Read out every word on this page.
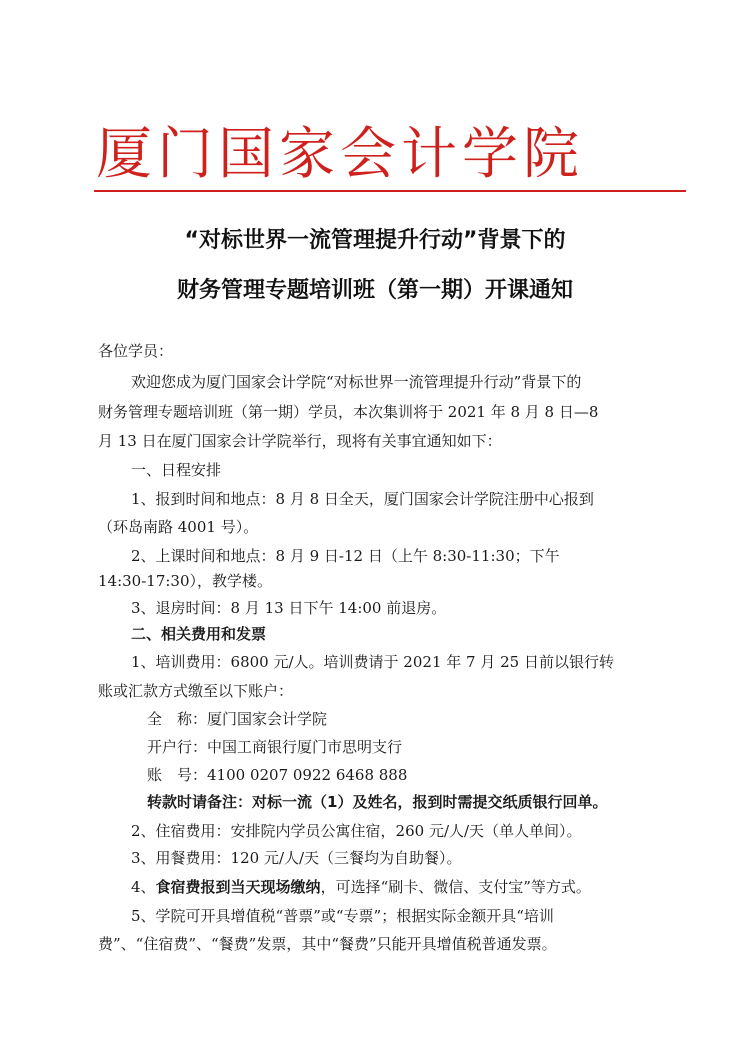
厦门国家会计学院
“对标世界一流管理提升行动”背景下的
财务管理专题培训班（第一期）开课通知
各位学员：
欢迎您成为厦门国家会计学院“对标世界一流管理提升行动”背景下的
财务管理专题培训班（第一期）学员，本次集训将于 2021 年 8 月 8 日—8
月 13 日在厦门国家会计学院举行，现将有关事宜通知如下：
一、日程安排
1、报到时间和地点：8 月 8 日全天，厦门国家会计学院注册中心报到
（环岛南路 4001 号）。
2、上课时间和地点：8 月 9 日-12 日（上午 8:30-11:30；下午
14:30-17:30），教学楼。
3、退房时间：8 月 13 日下午 14:00 前退房。
二、相关费用和发票
1、培训费用：6800 元/人。培训费请于 2021 年 7 月 25 日前以银行转
账或汇款方式缴至以下账户：
全　称：厦门国家会计学院
开户行：中国工商银行厦门市思明支行
账　号：4100 0207 0922 6468 888
转款时请备注：对标一流（1）及姓名，报到时需提交纸质银行回单。
2、住宿费用：安排院内学员公寓住宿，260 元/人/天（单人单间）。
3、用餐费用：120 元/人/天（三餐均为自助餐）。
4、食宿费报到当天现场缴纳，可选择“刷卡、微信、支付宝”等方式。
5、学院可开具增值税“普票”或“专票”；根据实际金额开具“培训
费”、“住宿费”、“餐费”发票，其中“餐费”只能开具增值税普通发票。
